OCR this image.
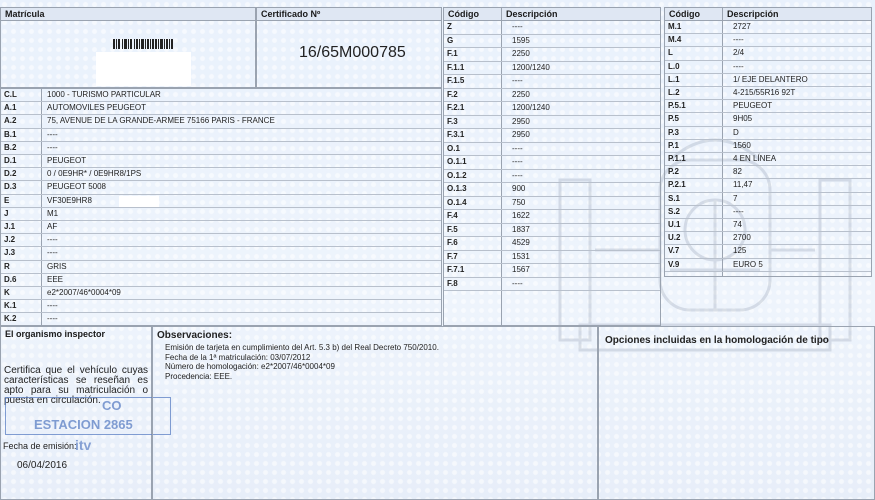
Matrícula	Certificado Nº
16/65M000785
C.L	1000 - TURISMO PARTICULAR
A.1	AUTOMOVILES PEUGEOT
A.2	75, AVENUE DE LA GRANDE-ARMEE 75166 PARIS - FRANCE
B.1	----
B.2	----
D.1	PEUGEOT
D.2	0 / 0E9HR* / 0E9HR8/1PS
D.3	PEUGEOT 5008
E	VF30E9HR8
J	M1
J.1	AF
J.2	----
J.3	----
R	GRIS
D.6	EEE
K	e2*2007/46*0004*09
K.1	----
K.2	----
Código	Descripción
Z	----
G	1595
F.1	2250
F.1.1	1200/1240
F.1.5	----
F.2	2250
F.2.1	1200/1240
F.3	2950
F.3.1	2950
O.1	----
O.1.1	----
O.1.2	----
O.1.3	900
O.1.4	750
F.4	1622
F.5	1837
F.6	4529
F.7	1531
F.7.1	1567
F.8	----
Código	Descripción
M.1	2727
M.4	----
L	2/4
L.0	----
L.1	1/ EJE DELANTERO
L.2	4-215/55R16 92T
P.5.1	PEUGEOT
P.5	9H05
P.3	D
P.1	1560
P.1.1	4 EN LÍNEA
P.2	82
P.2.1	11,47
S.1	7
S.2	----
U.1	74
U.2	2700
V.7	125
V.9	EURO 5
El organismo inspector
Certifica que el vehículo cuyas características se reseñan es apto para su matriculación o puesta en circulación. CO
ESTACION 2865
Fecha de emisión:
itv
06/04/2016
Observaciones:
Emisión de tarjeta en cumplimiento del Art. 5.3 b) del Real Decreto 750/2010.
Fecha de la 1ª matriculación: 03/07/2012
Número de homologación: e2*2007/46*0004*09
Procedencia: EEE.
Opciones incluidas en la homologación de tipo
